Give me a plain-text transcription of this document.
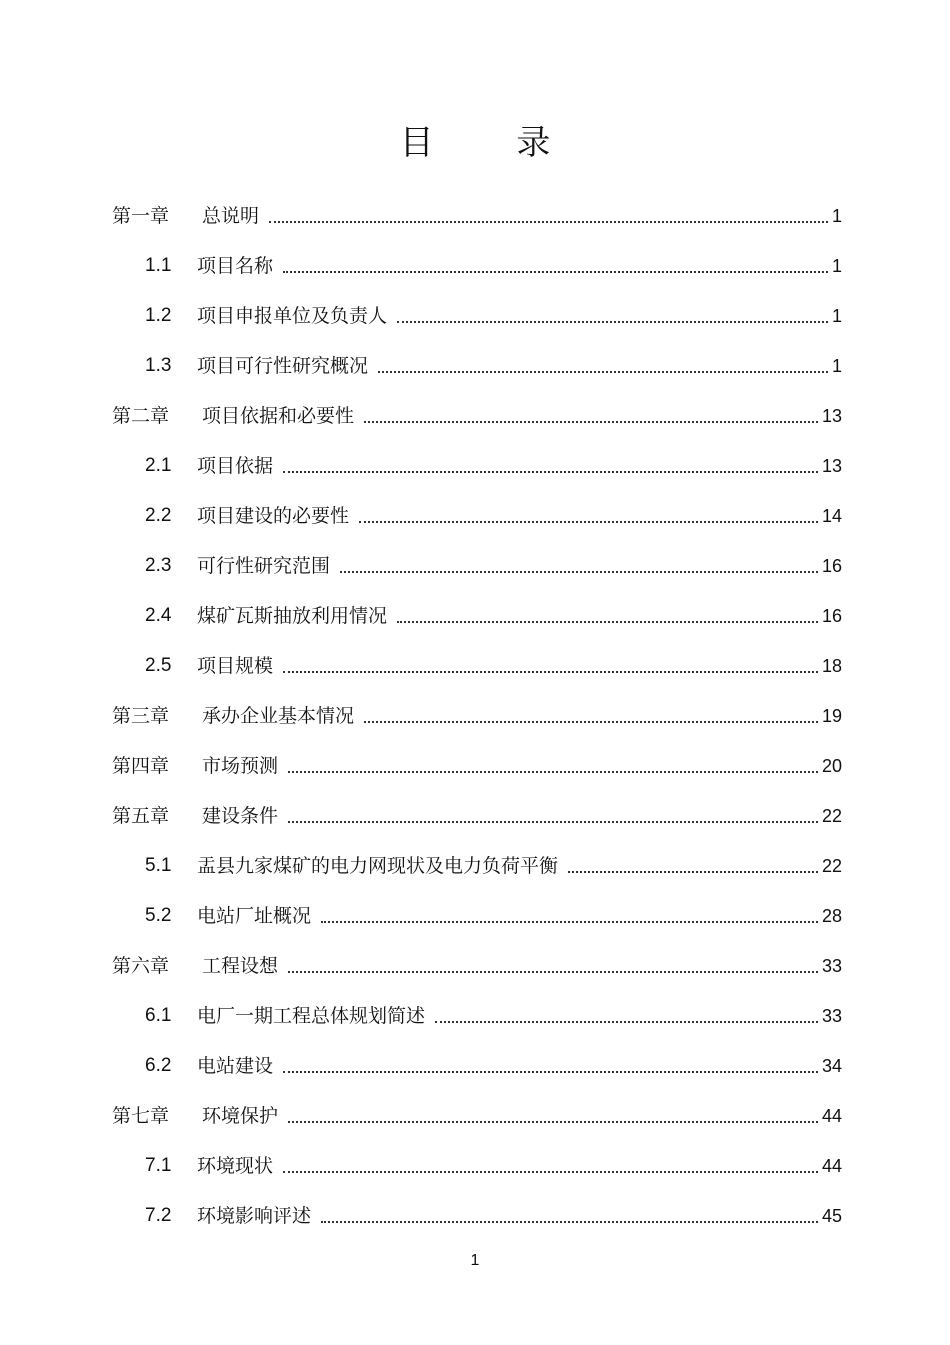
目 录
第一章 总说明	1
1.1 项目名称	1
1.2 项目申报单位及负责人	1
1.3 项目可行性研究概况	1
第二章 项目依据和必要性	13
2.1 项目依据	13
2.2 项目建设的必要性	14
2.3 可行性研究范围	16
2.4 煤矿瓦斯抽放利用情况	16
2.5 项目规模	18
第三章 承办企业基本情况	19
第四章 市场预测	20
第五章 建设条件	22
5.1 盂县九家煤矿的电力网现状及电力负荷平衡	22
5.2 电站厂址概况	28
第六章 工程设想	33
6.1 电厂一期工程总体规划简述	33
6.2 电站建设	34
第七章 环境保护	44
7.1 环境现状	44
7.2 环境影响评述	45
1
